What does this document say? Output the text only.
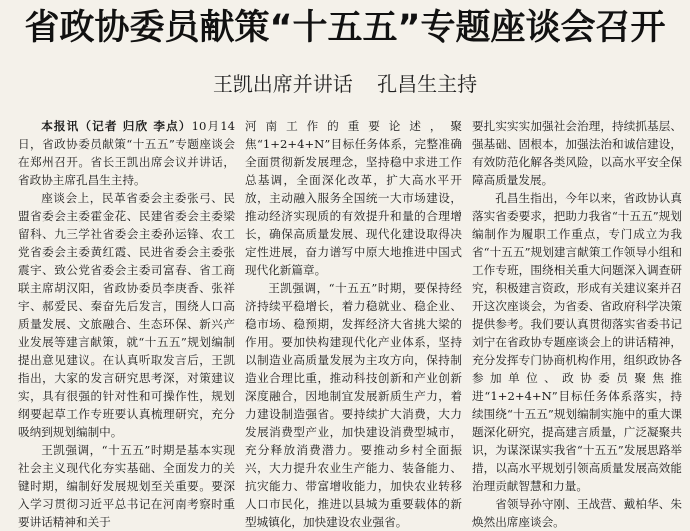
省政协委员献策“十五五”专题座谈会召开
王凯出席并讲话 孔昌生主持

本报讯（记者 归欣 李点）10月14日，省政协委员献策“十五五”专题座谈会在郑州召开。省长王凯出席会议并讲话，省政协主席孔昌生主持。

座谈会上，民革省委会主委张弓、民盟省委会主委霍金花、民建省委会主委梁留科、九三学社省委会主委孙运锋、农工党省委会主委黄红霞、民进省委会主委张震宇、致公党省委会主委司富春、省工商联主席胡汉阳，省政协委员李庚香、张祥宇、郝爱民、秦奋先后发言，围绕人口高质量发展、文旅融合、生态环保、新兴产业发展等建言献策，就“十五五”规划编制提出意见建议。在认真听取发言后，王凯指出，大家的发言研究思考深，对策建议实，具有很强的针对性和可操作性，规划纲要起草工作专班要认真梳理研究，充分吸纳到规划编制中。

王凯强调，“十五五”时期是基本实现社会主义现代化夯实基础、全面发力的关键时期，编制好发展规划至关重要。要深入学习贯彻习近平总书记在河南考察时重要讲话精神和关于

河南工作的重要论述，聚焦“1+2+4+N”目标任务体系，完整准确全面贯彻新发展理念，坚持稳中求进工作总基调，全面深化改革，扩大高水平开放，主动融入服务全国统一大市场建设，推动经济实现质的有效提升和量的合理增长，确保高质量发展、现代化建设取得决定性进展，奋力谱写中原大地推进中国式现代化新篇章。

王凯强调，“十五五”时期，要保持经济持续平稳增长，着力稳就业、稳企业、稳市场、稳预期，发挥经济大省挑大梁的作用。要加快构建现代化产业体系，坚持以制造业高质量发展为主攻方向，保持制造业合理比重，推动科技创新和产业创新深度融合，因地制宜发展新质生产力，着力建设制造强省。要持续扩大消费，大力发展消费型产业，加快建设消费型城市，充分释放消费潜力。要推动乡村全面振兴，大力提升农业生产能力、装备能力、抗灾能力、带富增收能力，加快农业转移人口市民化，推进以县城为重要载体的新型城镇化，加快建设农业强省。

要扎实实实加强社会治理，持续抓基层、强基础、固根本，加强法治和诚信建设，有效防范化解各类风险，以高水平安全保障高质量发展。

孔昌生指出，今年以来，省政协认真落实省委要求，把助力我省“十五五”规划编制作为履职工作重点，专门成立为我省“十五五”规划建言献策工作领导小组和工作专班，围绕相关重大问题深入调查研究，积极建言资政，形成有关建议案并召开这次座谈会，为省委、省政府科学决策提供参考。我们要认真贯彻落实省委书记刘宁在省政协专题座谈会上的讲话精神，充分发挥专门协商机构作用，组织政协各参加单位、政协委员聚焦推进“1+2+4+N”目标任务体系落实，持续围绕“十五五”规划编制实施中的重大课题深化研究，提高建言质量，广泛凝聚共识，为谋深谋实我省“十五五”发展思路举措，以高水平规划引领高质量发展高效能治理贡献智慧和力量。

省领导孙守刚、王战营、戴柏华、朱焕然出席座谈会。
